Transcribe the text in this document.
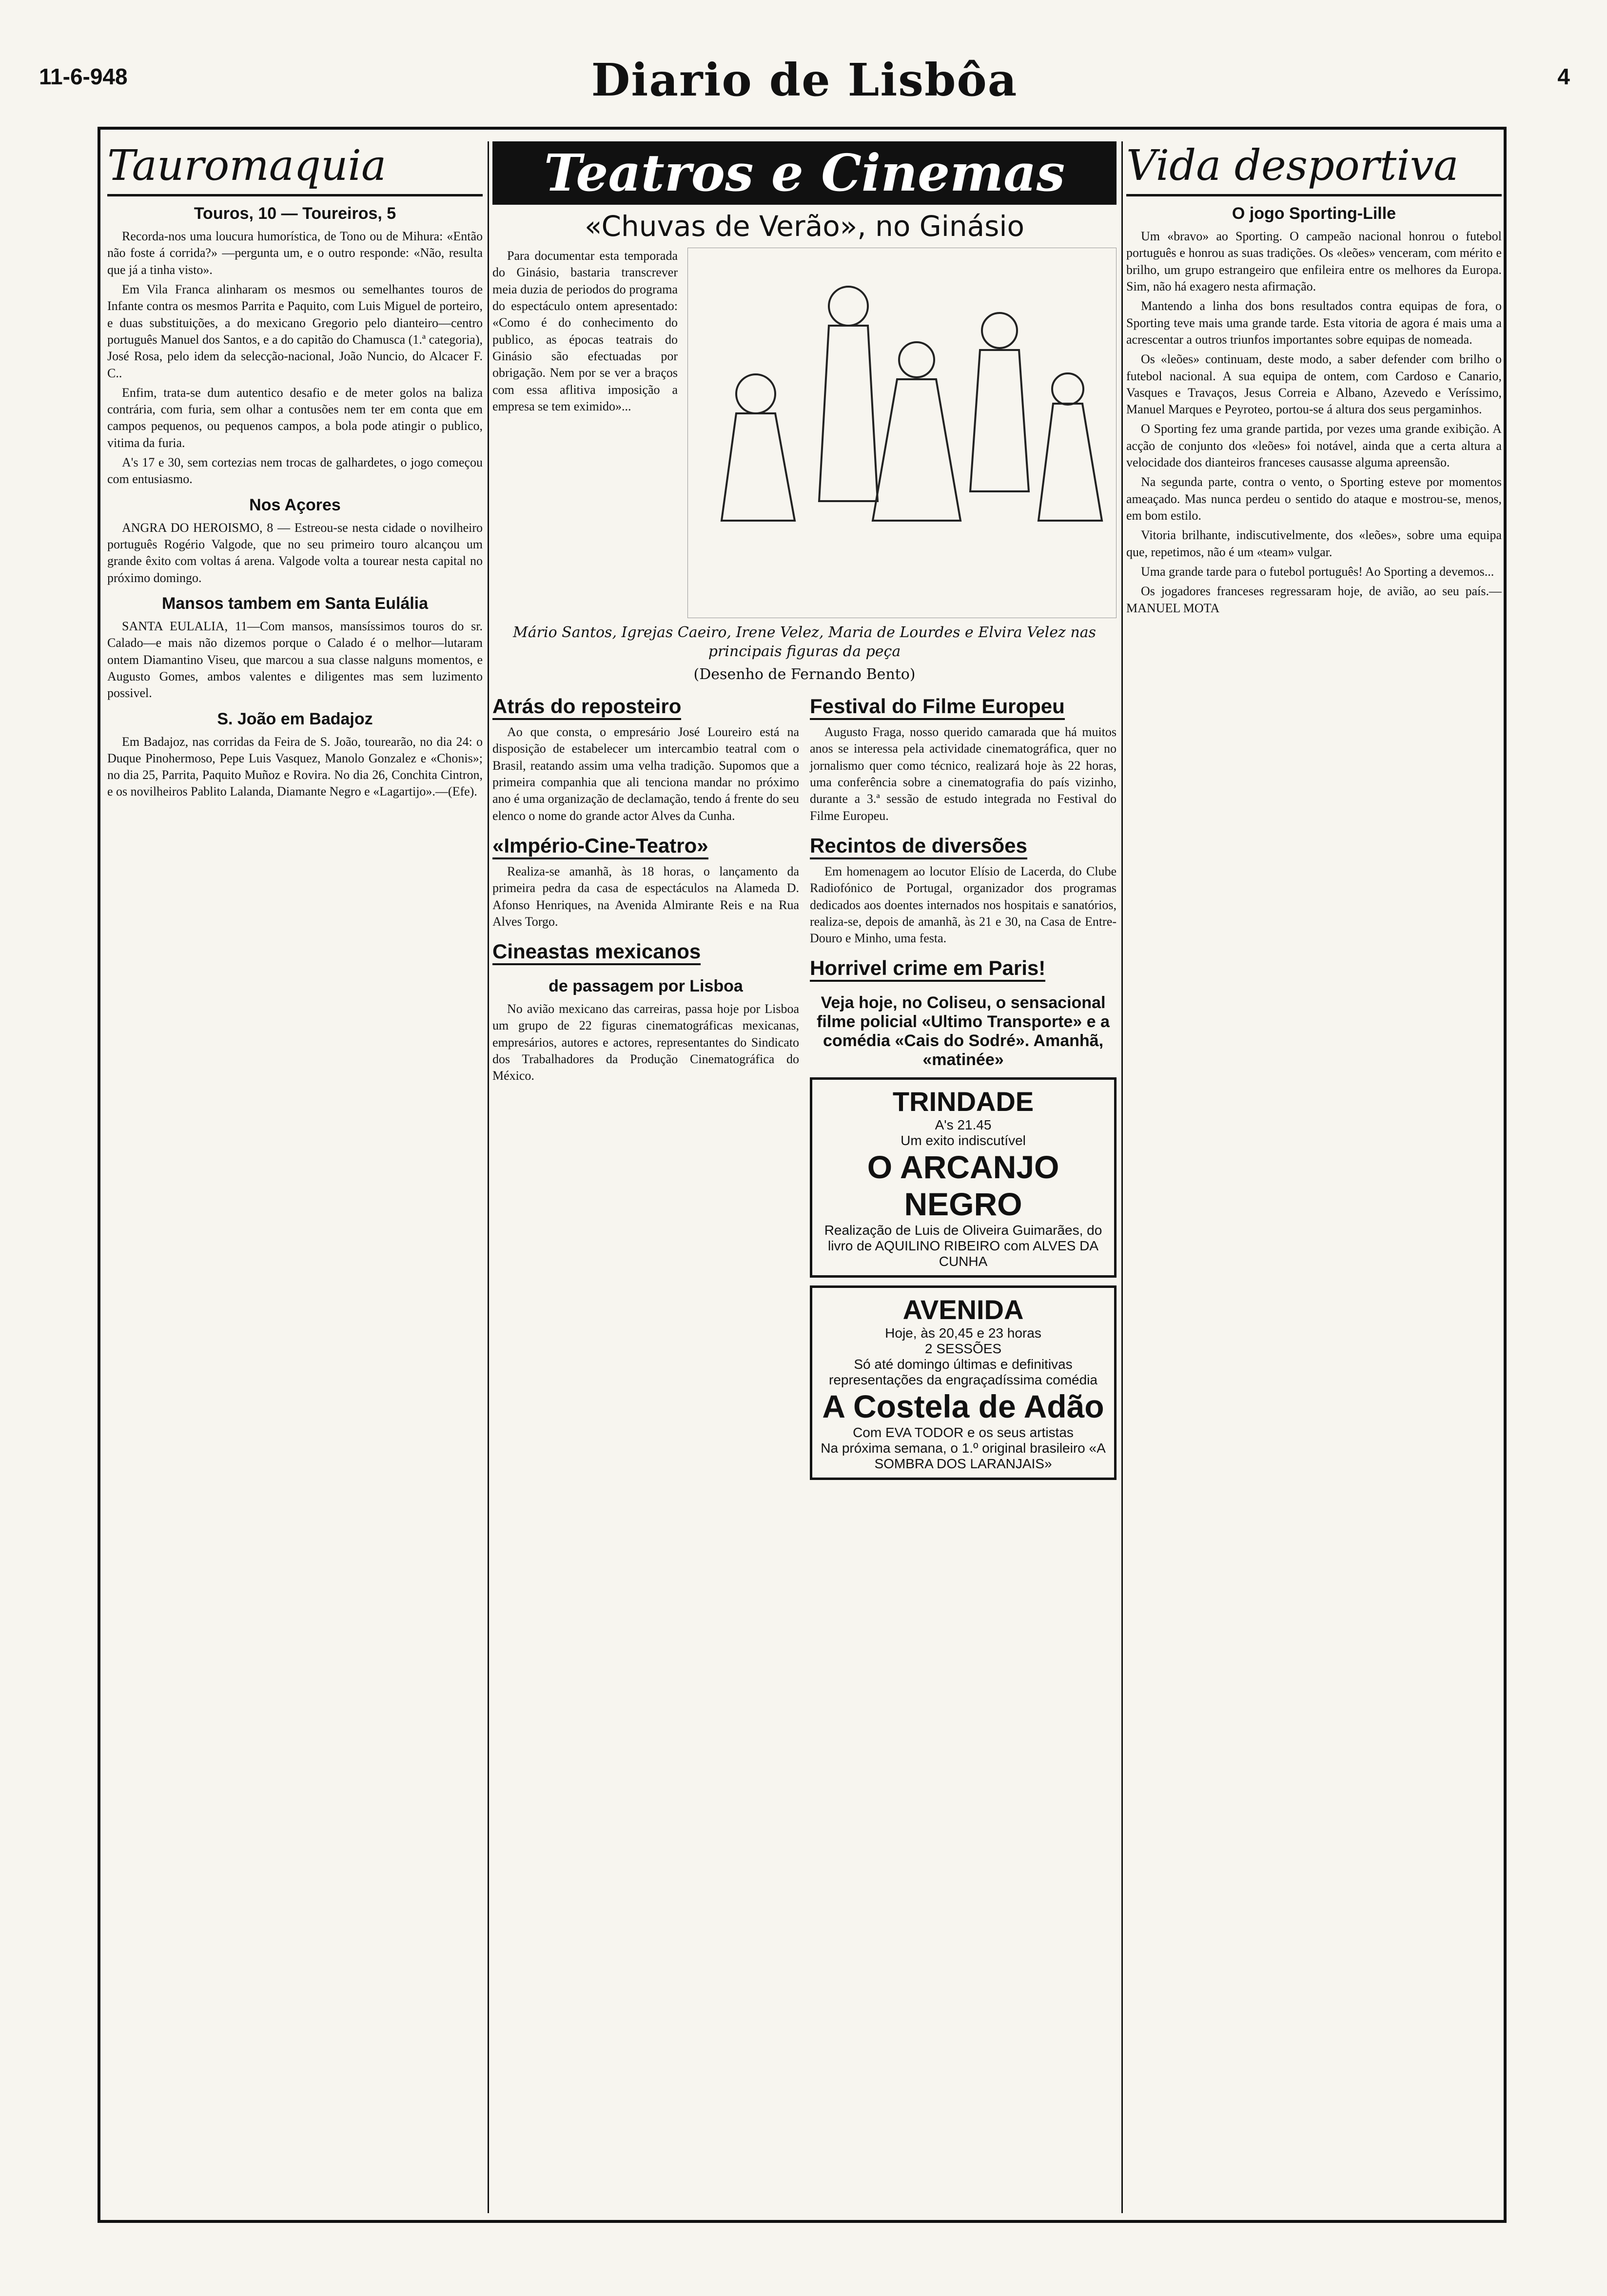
11-6-948	Diario de Lisbôa	4
Tauromaquia
Touros, 10 — Toureiros, 5

Recorda-nos uma loucura humorística, de Tono ou de Mihura: «Então não foste á corrida?» —pergunta um, e o outro responde: «Não, resulta que já a tinha visto».

Em Vila Franca alinharam os mesmos ou semelhantes touros de Infante contra os mesmos Parrita e Paquito, com Luis Miguel de porteiro, e duas substituições, a do mexicano Gregorio pelo dianteiro—centro português Manuel dos Santos, e a do capitão do Chamusca (1.ª categoria), José Rosa, pelo idem da selecção-nacional, João Nuncio, do Alcacer F. C..

Enfim, trata-se dum autentico desafio e de meter golos na baliza contrária, com furia, sem olhar a contusões nem ter em conta que em campos pequenos, ou pequenos campos, a bola pode atingir o publico, vitima da furia.

A's 17 e 30, sem cortezias nem trocas de galhardetes, o jogo começou com entusiasmo.

Nos Açores

ANGRA DO HEROISMO, 8 — Estreou-se nesta cidade o novilheiro português Rogério Valgode, que no seu primeiro touro alcançou um grande êxito com voltas á arena. Valgode volta a tourear nesta capital no próximo domingo.

Mansos tambem em Santa Eulália

SANTA EULALIA, 11—Com mansos, mansíssimos touros do sr. Calado—e mais não dizemos porque o Calado é o melhor—lutaram ontem Diamantino Viseu, que marcou a sua classe nalguns momentos, e Augusto Gomes, ambos valentes e diligentes mas sem luzimento possivel.

S. João em Badajoz

Em Badajoz, nas corridas da Feira de S. João, tourearão, no dia 24: o Duque Pinohermoso, Pepe Luis Vasquez, Manolo Gonzalez e «Chonis»; no dia 25, Parrita, Paquito Muñoz e Rovira. No dia 26, Conchita Cintron, e os novilheiros Pablito Lalanda, Diamante Negro e «Lagartijo».—(Efe).

Teatros e Cinemas
«Chuvas de Verão», no Ginásio

Para documentar esta temporada do Ginásio, bastaria transcrever meia duzia de periodos do programa do espectáculo ontem apresentado: «Como é do conhecimento do publico, as épocas teatrais do Ginásio são efectuadas por obrigação. Nem por se ver a braços com essa aflitiva imposição a empresa se tem eximido»...

Mário Santos, Igrejas Caeiro, Irene Velez, Maria de Lourdes e Elvira Velez nas principais figuras da peça
(Desenho de Fernando Bento)
Atrás do reposteiro

Ao que consta, o empresário José Loureiro está na disposição de estabelecer um intercambio teatral com o Brasil, reatando assim uma velha tradição. Supomos que a primeira companhia que ali tenciona mandar no próximo ano é uma organização de declamação, tendo á frente do seu elenco o nome do grande actor Alves da Cunha.

«Império-Cine-Teatro»

Realiza-se amanhã, às 18 horas, o lançamento da primeira pedra da casa de espectáculos na Alameda D. Afonso Henriques, na Avenida Almirante Reis e na Rua Alves Torgo.

Cineastas mexicanos
de passagem por Lisboa

No avião mexicano das carreiras, passa hoje por Lisboa um grupo de 22 figuras cinematográficas mexicanas, empresários, autores e actores, representantes do Sindicato dos Trabalhadores da Produção Cinematográfica do México.

Festival do Filme Europeu

Augusto Fraga, nosso querido camarada que há muitos anos se interessa pela actividade cinematográfica, quer no jornalismo quer como técnico, realizará hoje às 22 horas, uma conferência sobre a cinematografia do país vizinho, durante a 3.ª sessão de estudo integrada no Festival do Filme Europeu.

Recintos de diversões

Em homenagem ao locutor Elísio de Lacerda, do Clube Radiofónico de Portugal, organizador dos programas dedicados aos doentes internados nos hospitais e sanatórios, realiza-se, depois de amanhã, às 21 e 30, na Casa de Entre-Douro e Minho, uma festa.

Horrivel crime em Paris!
Veja hoje, no Coliseu, o sensacional filme policial «Ultimo Transporte» e a comédia «Cais do Sodré». Amanhã, «matinée»
TRINDADE
A's 21.45
Um exito indiscutível
O ARCANJO NEGRO
Realização de Luis de Oliveira Guimarães, do livro de AQUILINO RIBEIRO com ALVES DA CUNHA
AVENIDA
Hoje, às 20,45 e 23 horas
2 SESSÕES
Só até domingo últimas e definitivas representações da engraçadíssima comédia
A Costela de Adão
Com EVA TODOR e os seus artistas
Na próxima semana, o 1.º original brasileiro «A SOMBRA DOS LARANJAIS»
Vida desportiva
O jogo Sporting-Lille

Um «bravo» ao Sporting. O campeão nacional honrou o futebol português e honrou as suas tradições. Os «leões» venceram, com mérito e brilho, um grupo estrangeiro que enfileira entre os melhores da Europa. Sim, não há exagero nesta afirmação.

Mantendo a linha dos bons resultados contra equipas de fora, o Sporting teve mais uma grande tarde. Esta vitoria de agora é mais uma a acrescentar a outros triunfos importantes sobre equipas de nomeada.

Os «leões» continuam, deste modo, a saber defender com brilho o futebol nacional. A sua equipa de ontem, com Cardoso e Canario, Vasques e Travaços, Jesus Correia e Albano, Azevedo e Veríssimo, Manuel Marques e Peyroteo, portou-se á altura dos seus pergaminhos.

O Sporting fez uma grande partida, por vezes uma grande exibição. A acção de conjunto dos «leões» foi notável, ainda que a certa altura a velocidade dos dianteiros franceses causasse alguma apreensão.

Na segunda parte, contra o vento, o Sporting esteve por momentos ameaçado. Mas nunca perdeu o sentido do ataque e mostrou-se, menos, em bom estilo.

Vitoria brilhante, indiscutivelmente, dos «leões», sobre uma equipa que, repetimos, não é um «team» vulgar.

Uma grande tarde para o futebol português! Ao Sporting a devemos...

Os jogadores franceses regressaram hoje, de avião, ao seu país.—MANUEL MOTA
